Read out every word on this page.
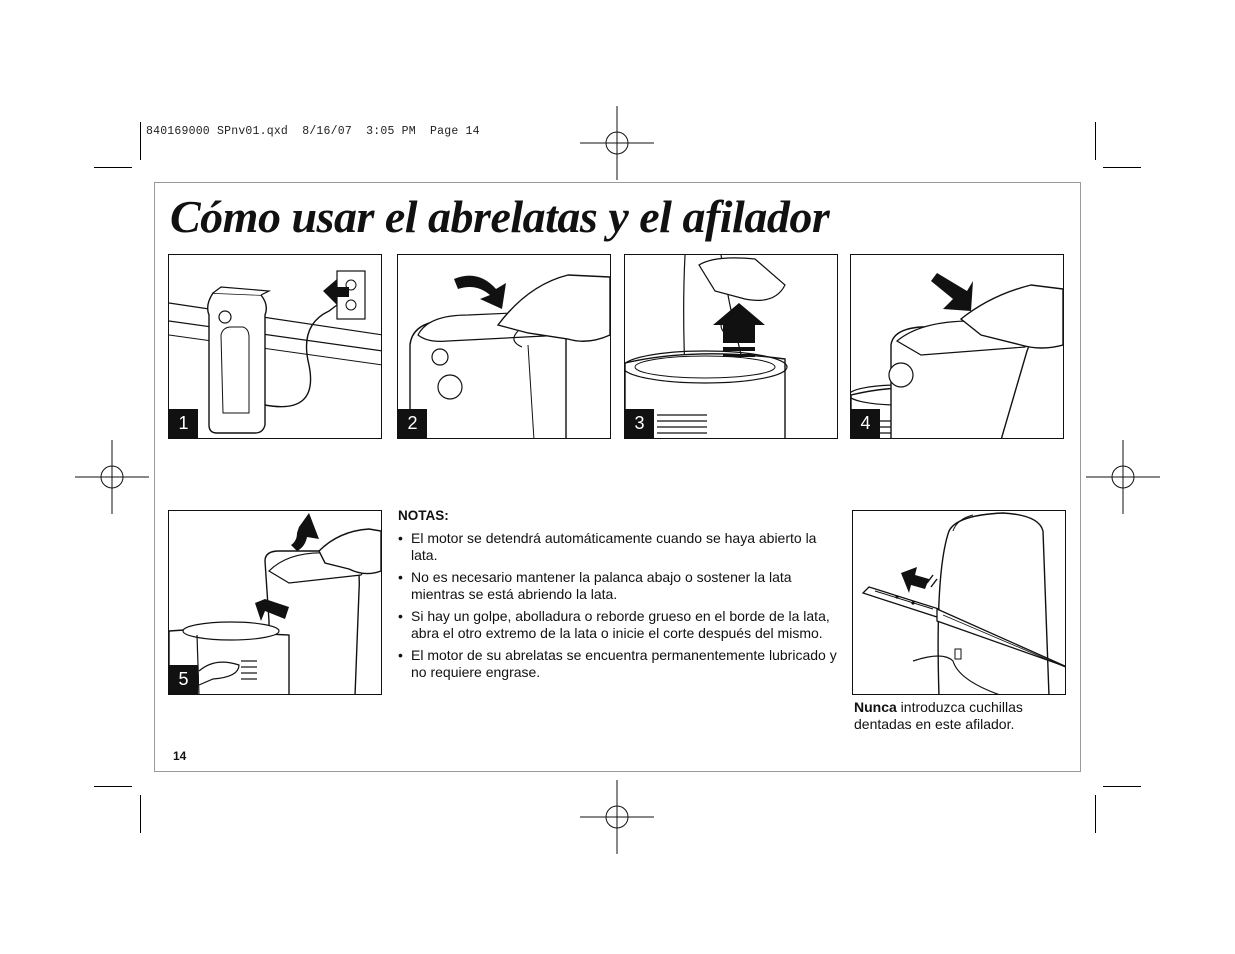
840169000 SPnv01.qxd  8/16/07  3:05 PM  Page 14
Cómo usar el abrelatas y el afilador
1	2	3	4
5
NOTAS:
• El motor se detendrá automáticamente cuando se haya abierto la lata.
• No es necesario mantener la palanca abajo o sostener la lata mientras se está abriendo la lata.
• Si hay un golpe, abolladura o reborde grueso en el borde de la lata, abra el otro extremo de la lata o inicie el corte después del mismo.
• El motor de su abrelatas se encuentra permanentemente lubricado y no requiere engrase.
Nunca introduzca cuchillas dentadas en este afilador.
14
